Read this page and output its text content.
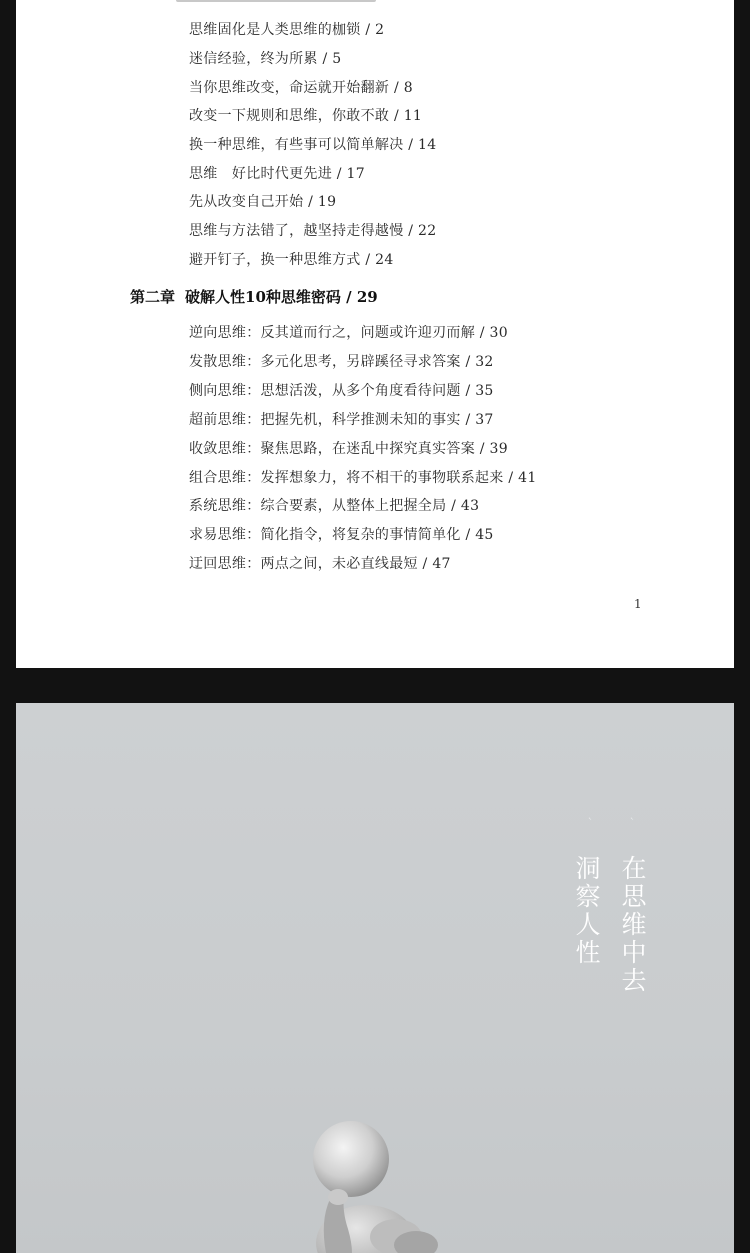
思维固化是人类思维的枷锁 / 2
迷信经验，终为所累 / 5
当你思维改变，命运就开始翻新 / 8
改变一下规则和思维，你敢不敢 / 11
换一种思维，有些事可以简单解决 / 14
思维　好比时代更先进 / 17
先从改变自己开始 / 19
思维与方法错了，越坚持走得越慢 / 22
避开钉子，换一种思维方式 / 24
第二章 破解人性10种思维密码 / 29
逆向思维：反其道而行之，问题或许迎刃而解 / 30
发散思维：多元化思考，另辟蹊径寻求答案 / 32
侧向思维：思想活泼，从多个角度看待问题 / 35
超前思维：把握先机，科学推测未知的事实 / 37
收敛思维：聚焦思路，在迷乱中探究真实答案 / 39
组合思维：发挥想象力，将不相干的事物联系起来 / 41
系统思维：综合要素，从整体上把握全局 / 43
求易思维：简化指令，将复杂的事情简单化 / 45
迂回思维：两点之间，未必直线最短 / 47
1
｀ ｀
在思维中去
洞察人性
